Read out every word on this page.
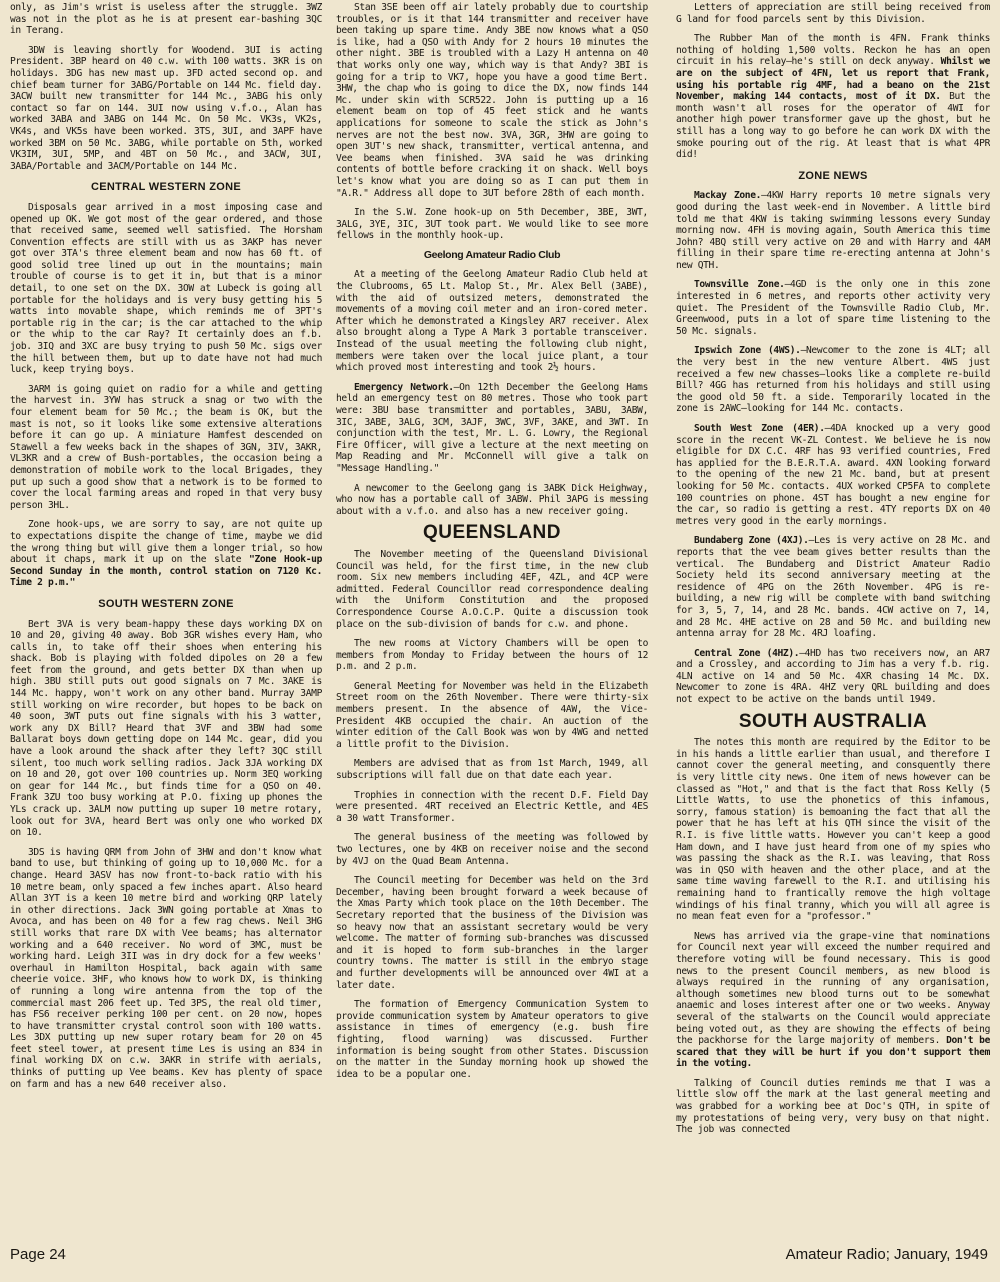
only, as Jim's wrist is useless after the struggle. 3WZ was not in the plot as he is at present ear-bashing 3QC in Terang.

3DW is leaving shortly for Woodend. 3UI is acting President. 3BP heard on 40 c.w. with 100 watts. 3KR is on holidays. 3DG has new mast up. 3FD acted second op. and chief beam turner for 3ABG/Portable on 144 Mc. field day. 3ACW built new transmitter for 144 Mc., 3ABG his only contact so far on 144. 3UI now using v.f.o., Alan has worked 3ABA and 3ABG on 144 Mc. On 50 Mc. VK3s, VK2s, VK4s, and VK5s have been worked. 3TS, 3UI, and 3APF have worked 3BM on 50 Mc. 3ABG, while portable on 5th, worked VK3IM, 3UI, 5MP, and 4BT on 50 Mc., and 3ACW, 3UI, 3ABA/Portable and 3ACM/Portable on 144 Mc.

CENTRAL WESTERN ZONE

Disposals gear arrived in a most imposing case and opened up OK. We got most of the gear ordered, and those that received same, seemed well satisfied. The Horsham Convention effects are still with us as 3AKP has never got over 3TA's three element beam and now has 60 ft. of good solid tree lined up out in the mountains; main trouble of course is to get it in, but that is a minor detail, to one set on the DX. 3OW at Lubeck is going all portable for the holidays and is very busy getting his 5 watts into movable shape, which reminds me of 3PT's portable rig in the car; is the car attached to the whip or the whip to the car Ray? It certainly does an f.b. job. 3IQ and 3XC are busy trying to push 50 Mc. sigs over the hill between them, but up to date have not had much luck, keep trying boys.

3ARM is going quiet on radio for a while and getting the harvest in. 3YW has struck a snag or two with the four element beam for 50 Mc.; the beam is OK, but the mast is not, so it looks like some extensive alterations before it can go up. A miniature Hamfest descended on Stawell a few weeks back in the shapes of 3GN, 3IV, 3AKR, VL3KR and a crew of Bush-portables, the occasion being a demonstration of mobile work to the local Brigades, they put up such a good show that a network is to be formed to cover the local farming areas and roped in that very busy person 3HL.

Zone hook-ups, we are sorry to say, are not quite up to expectations dispite the change of time, maybe we did the wrong thing but will give them a longer trial, so how about it chaps, mark it up on the slate "Zone Hook-up Second Sunday in the month, control station on 7120 Kc. Time 2 p.m."

SOUTH WESTERN ZONE

Bert 3VA is very beam-happy these days working DX on 10 and 20, giving 40 away. Bob 3GR wishes every Ham, who calls in, to take off their shoes when entering his shack. Bob is playing with folded dipoles on 20 a few feet from the ground, and gets better DX than when up high. 3BU still puts out good signals on 7 Mc. 3AKE is 144 Mc. happy, won't work on any other band. Murray 3AMP still working on wire recorder, but hopes to be back on 40 soon, 3WT puts out fine signals with his 3 watter, work any DX Bill? Heard that 3VF and 3BW had some Ballarat boys down getting dope on 144 Mc. gear, did you have a look around the shack after they left? 3QC still silent, too much work selling radios. Jack 3JA working DX on 10 and 20, got over 100 countries up. Norm 3EQ working on gear for 144 Mc., but finds time for a QSO on 40. Frank 3ZU too busy working at P.O. fixing up phones the YLs crack up. 3ALM now putting up super 10 metre rotary, look out for 3VA, heard Bert was only one who worked DX on 10.

3DS is having QRM from John of 3HW and don't know what band to use, but thinking of going up to 10,000 Mc. for a change. Heard 3ASV has now front-to-back ratio with his 10 metre beam, only spaced a few inches apart. Also heard Allan 3YT is a keen 10 metre bird and working QRP lately in other directions. Jack 3WN going portable at Xmas to Avoca, and has been on 40 for a few rag chews. Neil 3HG still works that rare DX with Vee beams; has alternator working and a 640 receiver. No word of 3MC, must be working hard. Leigh 3II was in dry dock for a few weeks' overhaul in Hamilton Hospital, back again with same cheerie voice. 3HF, who knows how to work DX, is thinking of running a long wire antenna from the top of the commercial mast 206 feet up. Ted 3PS, the real old timer, has FS6 receiver perking 100 per cent. on 20 now, hopes to have transmitter crystal control soon with 100 watts. Les 3DX putting up new super rotary beam for 20 on 45 feet steel tower, at present time Les is using an 834 in final working DX on c.w. 3AKR in strife with aerials, thinks of putting up Vee beams. Kev has plenty of space on farm and has a new 640 receiver also.

Stan 3SE been off air lately probably due to courtship troubles, or is it that 144 transmitter and receiver have been taking up spare time. Andy 3BE now knows what a QSO is like, had a QSO with Andy for 2 hours 10 minutes the other night. 3BE is troubled with a Lazy H antenna on 40 that works only one way, which way is that Andy? 3BI is going for a trip to VK7, hope you have a good time Bert. 3HW, the chap who is going to dice the DX, now finds 144 Mc. under skin with SCR522. John is putting up a 16 element beam on top of 45 feet stick and he wants applications for someone to scale the stick as John's nerves are not the best now. 3VA, 3GR, 3HW are going to open 3UT's new shack, transmitter, vertical antenna, and Vee beams when finished. 3VA said he was drinking contents of bottle before cracking it on shack. Well boys let's know what you are doing so as I can put them in "A.R." Address all dope to 3UT before 28th of each month.

In the S.W. Zone hook-up on 5th December, 3BE, 3WT, 3ALG, 3YE, 3IC, 3UT took part. We would like to see more fellows in the monthly hook-up.

Geelong Amateur Radio Club

At a meeting of the Geelong Amateur Radio Club held at the Clubrooms, 65 Lt. Malop St., Mr. Alex Bell (3ABE), with the aid of outsized meters, demonstrated the movements of a moving coil meter and an iron-cored meter. After which he demonstrated a Kingsley AR7 receiver. Alex also brought along a Type A Mark 3 portable transceiver. Instead of the usual meeting the following club night, members were taken over the local juice plant, a tour which proved most interesting and took 2½ hours.

Emergency Network.—On 12th December the Geelong Hams held an emergency test on 80 metres. Those who took part were: 3BU base transmitter and portables, 3ABU, 3ABW, 3IC, 3ABE, 3ALG, 3CM, 3AJF, 3WC, 3VF, 3AKE, and 3WT. In conjunction with the test, Mr. L. G. Lowry, the Regional Fire Officer, will give a lecture at the next meeting on Map Reading and Mr. McConnell will give a talk on "Message Handling."

A newcomer to the Geelong gang is 3ABK Dick Heighway, who now has a portable call of 3ABW. Phil 3APG is messing about with a v.f.o. and also has a new receiver going.

QUEENSLAND

The November meeting of the Queensland Divisional Council was held, for the first time, in the new club room. Six new members including 4EF, 4ZL, and 4CP were admitted. Federal Councillor read correspondence dealing with the Uniform Constitution and the proposed Correspondence Course A.O.C.P. Quite a discussion took place on the sub-division of bands for c.w. and phone.

The new rooms at Victory Chambers will be open to members from Monday to Friday between the hours of 12 p.m. and 2 p.m.

General Meeting for November was held in the Elizabeth Street room on the 26th November. There were thirty-six members present. In the absence of 4AW, the Vice-President 4KB occupied the chair. An auction of the winter edition of the Call Book was won by 4WG and netted a little profit to the Division.

Members are advised that as from 1st March, 1949, all subscriptions will fall due on that date each year.

Trophies in connection with the recent D.F. Field Day were presented. 4RT received an Electric Kettle, and 4ES a 30 watt Transformer.

The general business of the meeting was followed by two lectures, one by 4KB on receiver noise and the second by 4VJ on the Quad Beam Antenna.

The Council meeting for December was held on the 3rd December, having been brought forward a week because of the Xmas Party which took place on the 10th December. The Secretary reported that the business of the Division was so heavy now that an assistant secretary would be very welcome. The matter of forming sub-branches was discussed and it is hoped to form sub-branches in the larger country towns. The matter is still in the embryo stage and further developments will be announced over 4WI at a later date.

The formation of Emergency Communication System to provide communication system by Amateur operators to give assistance in times of emergency (e.g. bush fire fighting, flood warning) was discussed. Further information is being sought from other States. Discussion on the matter in the Sunday morning hook up showed the idea to be a popular one.

Letters of appreciation are still being received from G land for food parcels sent by this Division.

The Rubber Man of the month is 4FN. Frank thinks nothing of holding 1,500 volts. Reckon he has an open circuit in his relay—he's still on deck anyway. Whilst we are on the subject of 4FN, let us report that Frank, using his portable rig 4MF, had a beano on the 21st November, making 144 contacts, most of it DX. But the month wasn't all roses for the operator of 4WI for another high power transformer gave up the ghost, but he still has a long way to go before he can work DX with the smoke pouring out of the rig. At least that is what 4PR did!

ZONE NEWS

Mackay Zone.—4KW Harry reports 10 metre signals very good during the last week-end in November. A little bird told me that 4KW is taking swimming lessons every Sunday morning now. 4FH is moving again, South America this time John? 4BQ still very active on 20 and with Harry and 4AM filling in their spare time re-erecting antenna at John's new QTH.

Townsville Zone.—4GD is the only one in this zone interested in 6 metres, and reports other activity very quiet. The President of the Townsville Radio Club, Mr. Greenwood, puts in a lot of spare time listening to the 50 Mc. signals.

Ipswich Zone (4WS).—Newcomer to the zone is 4LT; all the very best in the new venture Albert. 4WS just received a few new chasses—looks like a complete re-build Bill? 4GG has returned from his holidays and still using the good old 50 ft. a side. Temporarily located in the zone is 2AWC—looking for 144 Mc. contacts.

South West Zone (4ER).—4DA knocked up a very good score in the recent VK-ZL Contest. We believe he is now eligible for DX C.C. 4RF has 93 verified countries, Fred has applied for the B.E.R.T.A. award. 4XN looking forward to the opening of the new 21 Mc. band, but at present looking for 50 Mc. contacts. 4UX worked CP5FA to complete 100 countries on phone. 4ST has bought a new engine for the car, so radio is getting a rest. 4TY reports DX on 40 metres very good in the early mornings.

Bundaberg Zone (4XJ).—Les is very active on 28 Mc. and reports that the vee beam gives better results than the vertical. The Bundaberg and District Amateur Radio Society held its second anniversary meeting at the residence of 4PG on the 26th November. 4PG is re-building, a new rig will be complete with band switching for 3, 5, 7, 14, and 28 Mc. bands. 4CW active on 7, 14, and 28 Mc. 4HE active on 28 and 50 Mc. and building new antenna array for 28 Mc. 4RJ loafing.

Central Zone (4HZ).—4HD has two receivers now, an AR7 and a Crossley, and according to Jim has a very f.b. rig. 4LN active on 14 and 50 Mc. 4XR chasing 14 Mc. DX. Newcomer to zone is 4RA. 4HZ very QRL building and does not expect to be active on the bands until 1949.

SOUTH AUSTRALIA

The notes this month are required by the Editor to be in his hands a little earlier than usual, and therefore I cannot cover the general meeting, and consquently there is very little city news. One item of news however can be classed as "Hot," and that is the fact that Ross Kelly (5 Little Watts, to use the phonetics of this infamous, sorry, famous station) is bemoaning the fact that all the power that he has left at his QTH since the visit of the R.I. is five little watts. However you can't keep a good Ham down, and I have just heard from one of my spies who was passing the shack as the R.I. was leaving, that Ross was in QSO with heaven and the other place, and at the same time waving farewell to the R.I. and utilising his remaining hand to frantically remove the high voltage windings of his final tranny, which you will all agree is no mean feat even for a "professor."

News has arrived via the grape-vine that nominations for Council next year will exceed the number required and therefore voting will be found necessary. This is good news to the present Council members, as new blood is always required in the running of any organisation, although sometimes new blood turns out to be somewhat anaemic and loses interest after one or two weeks. Anyway several of the stalwarts on the Council would appreciate being voted out, as they are showing the effects of being the packhorse for the large majority of members. Don't be scared that they will be hurt if you don't support them in the voting.

Talking of Council duties reminds me that I was a little slow off the mark at the last general meeting and was grabbed for a working bee at Doc's QTH, in spite of my protestations of being very, very busy on that night. The job was connected

Page 24	Amateur Radio; January, 1949
